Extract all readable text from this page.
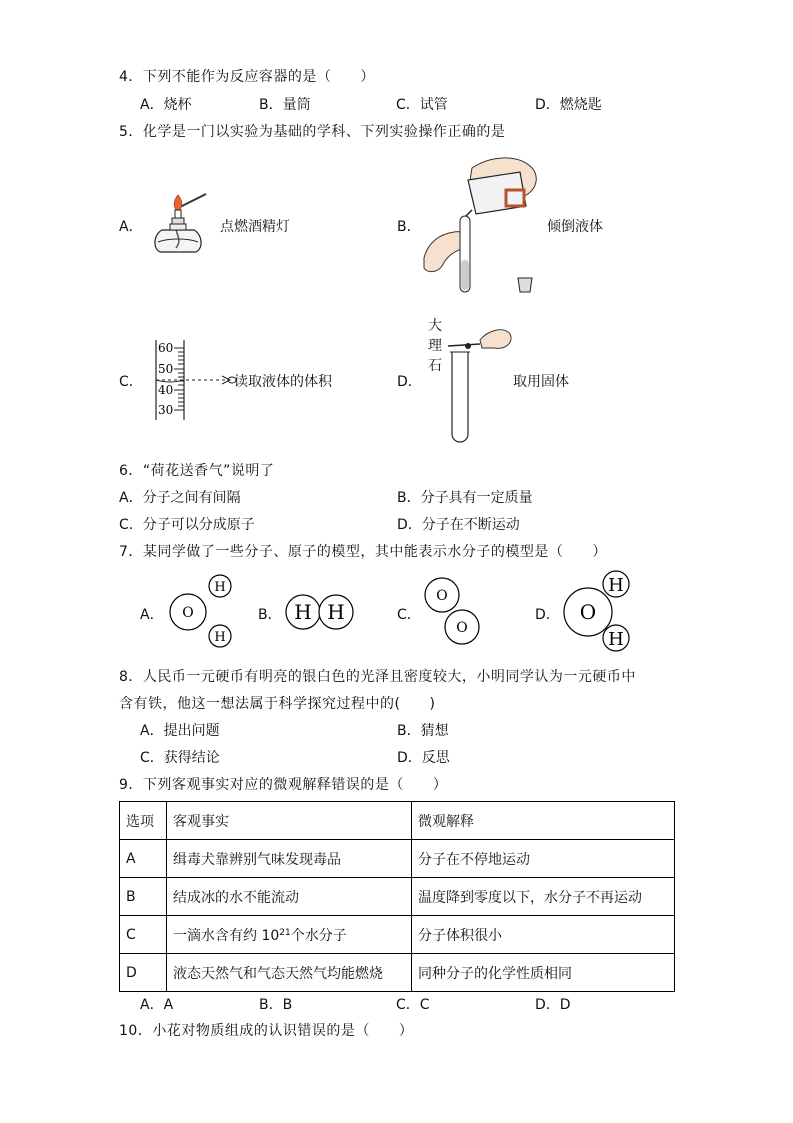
4．下列不能作为反应容器的是（　　）
A．烧杯	B．量筒	C．试管	D．燃烧匙
5．化学是一门以实验为基础的学科、下列实验操作正确的是
A．	点燃酒精灯	B．	倾倒液体
C．
60
50
40
30
读取液体的体积	D．
大
理
石
取用固体
6．“荷花送香气”说明了
A．分子之间有间隔	B．分子具有一定质量
C．分子可以分成原子	D．分子在不断运动
7．某同学做了一些分子、原子的模型，其中能表示水分子的模型是（　　）
A． O
H
H
B． H H	C．
O
O
D． O
H
H
8．人民币一元硬币有明亮的银白色的光泽且密度较大，小明同学认为一元硬币中
含有铁，他这一想法属于科学探究过程中的(　　)
A．提出问题	B．猜想
C．获得结论	D．反思
9．下列客观事实对应的微观解释错误的是（　　）
选项	客观事实	微观解释
A	缉毒犬靠辨别气味发现毒品	分子在不停地运动
B	结成冰的水不能流动	温度降到零度以下，水分子不再运动
C	一滴水含有约 $10^{21}$个水分子	分子体积很小
D	液态天然气和气态天然气均能燃烧	同种分子的化学性质相同
A．A	B．B	C．C	D．D
10．小花对物质组成的认识错误的是（　　）
